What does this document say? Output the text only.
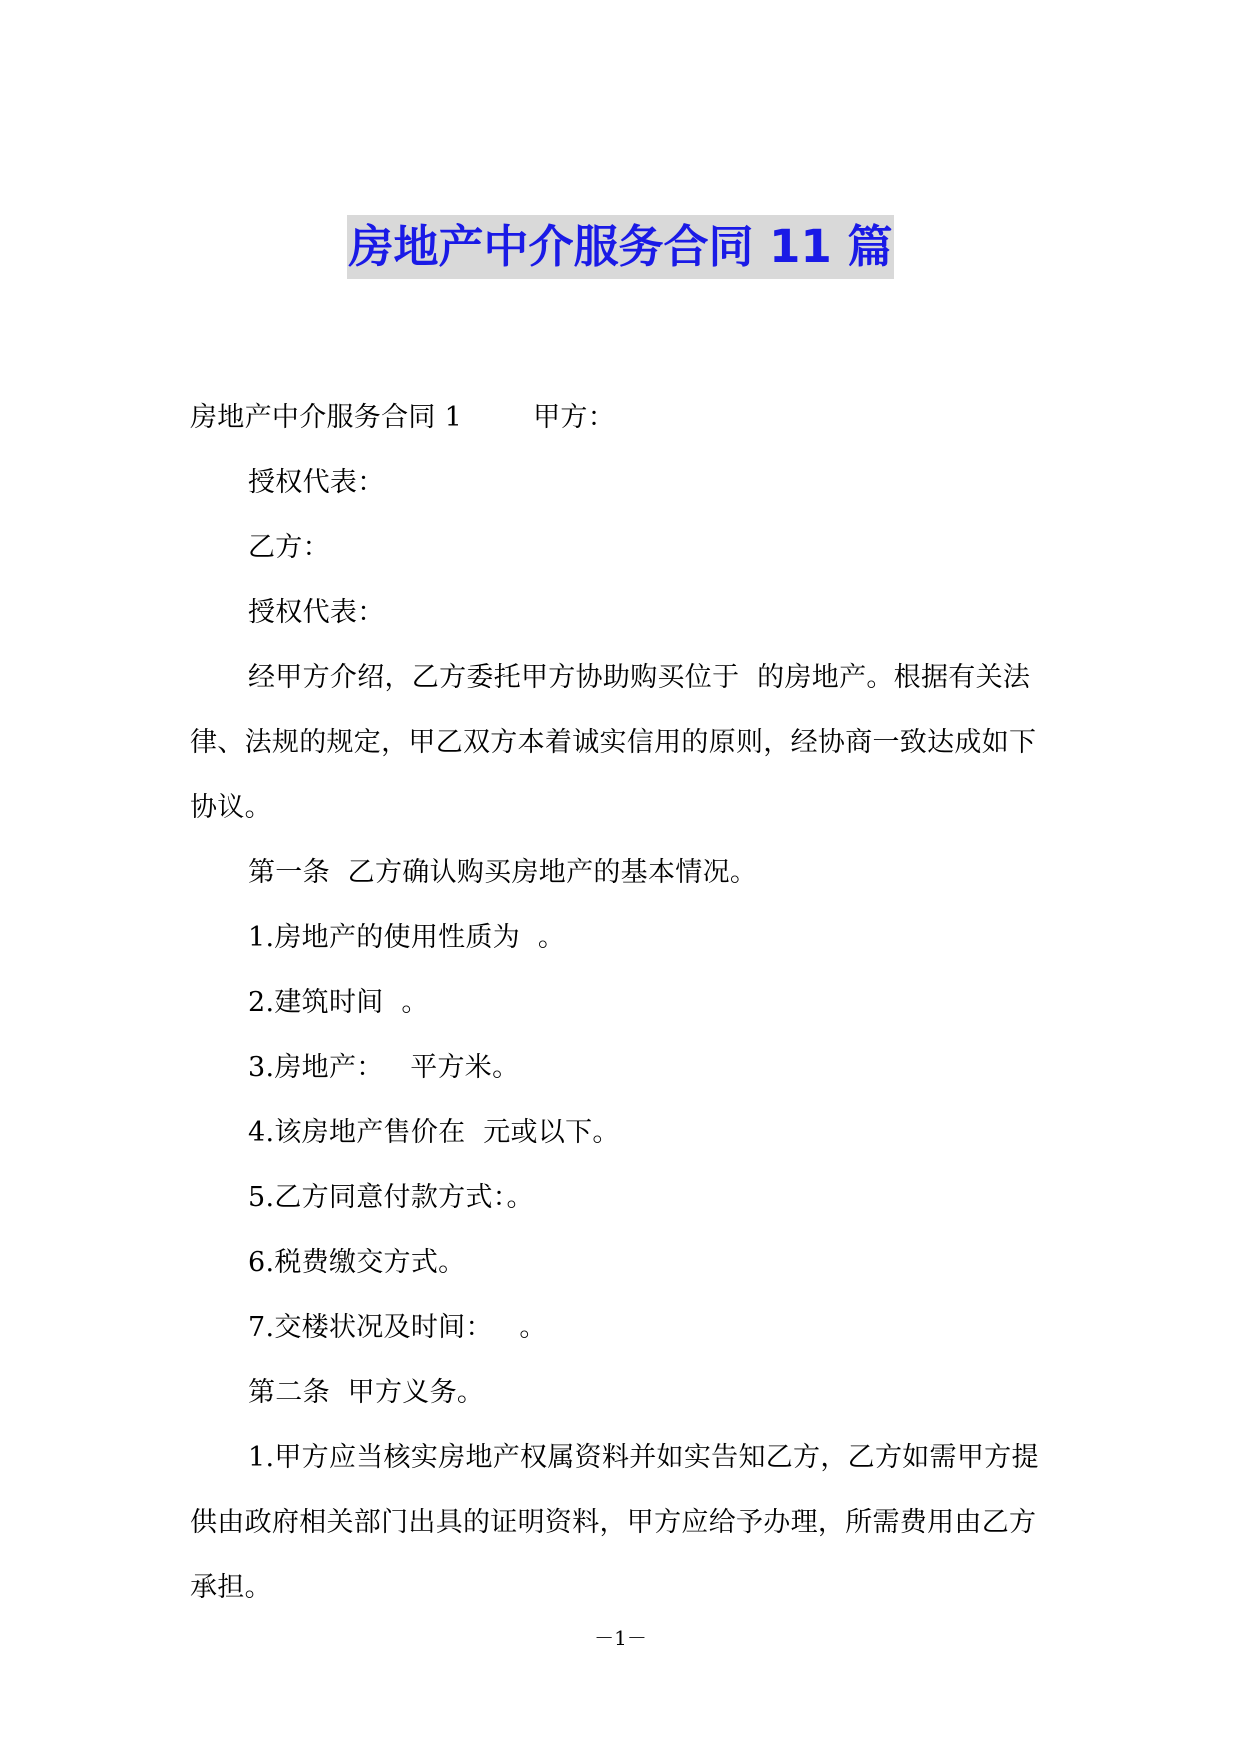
房地产中介服务合同 11 篇

房地产中介服务合同 1        甲方：

授权代表：

乙方：

授权代表：

经甲方介绍，乙方委托甲方协助购买位于  的房地产。根据有关法律、法规的规定，甲乙双方本着诚实信用的原则，经协商一致达成如下协议。

第一条  乙方确认购买房地产的基本情况。

1.房地产的使用性质为  。

2.建筑时间  。

3.房地产：   平方米。

4.该房地产售价在  元或以下。

5.乙方同意付款方式：。

6.税费缴交方式。

7.交楼状况及时间：   。

第二条  甲方义务。

1.甲方应当核实房地产权属资料并如实告知乙方，乙方如需甲方提供由政府相关部门出具的证明资料，甲方应给予办理，所需费用由乙方承担。

－1－
